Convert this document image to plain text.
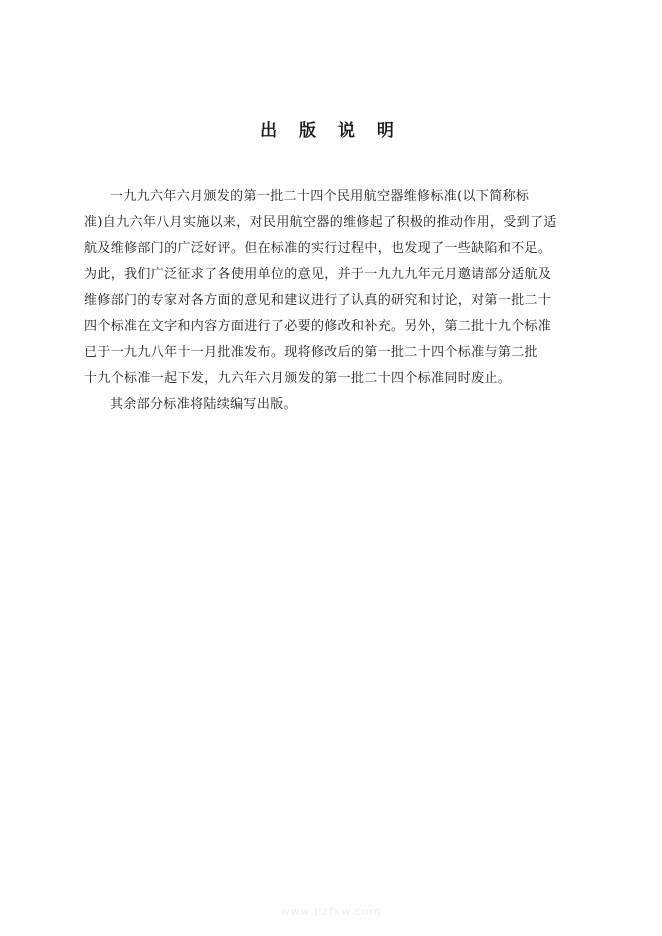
出 版 说 明
一九九六年六月颁发的第一批二十四个民用航空器维修标准(以下简称标
准)自九六年八月实施以来，对民用航空器的维修起了积极的推动作用，受到了适
航及维修部门的广泛好评。但在标准的实行过程中，也发现了一些缺陷和不足。
为此，我们广泛征求了各使用单位的意见，并于一九九九年元月邀请部分适航及
维修部门的专家对各方面的意见和建议进行了认真的研究和讨论，对第一批二十
四个标准在文字和内容方面进行了必要的修改和补充。另外，第二批十九个标准
已于一九九八年十一月批准发布。现将修改后的第一批二十四个标准与第二批
十九个标准一起下发，九六年六月颁发的第一批二十四个标准同时废止。
其余部分标准将陆续编写出版。
www.bzfxw.com
